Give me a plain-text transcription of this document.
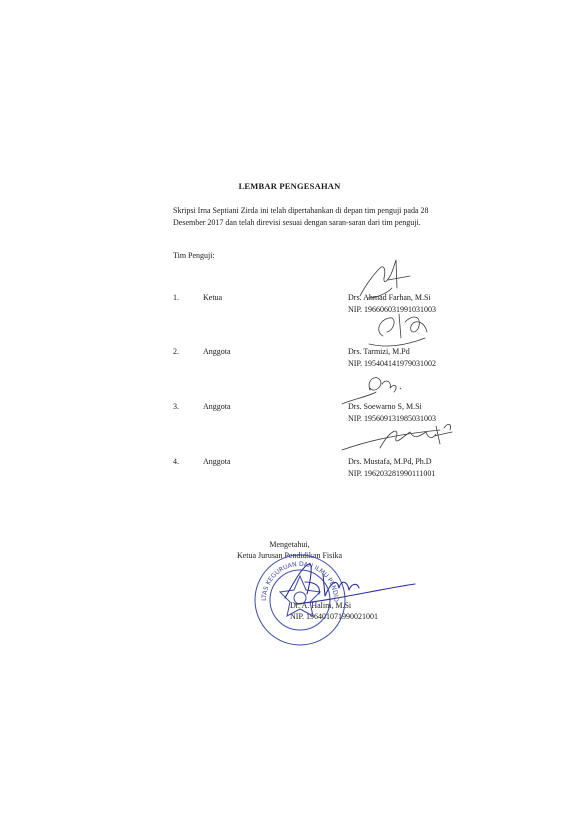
LEMBAR PENGESAHAN
Skripsi Irna Septiani Zirda ini telah dipertahankan di depan tim penguji pada 28
Desember 2017 dan telah direvisi sesuai dengan saran-saran dari tim penguji.
Tim Penguji:
1.	Ketua	Drs. Ahmad Farhan, M.Si
NIP. 196606031991031003
2.	Anggota	Drs. Tarmizi, M.Pd
NIP. 195404141979031002
3.	Anggota	Drs. Soewarno S, M.Si
NIP. 195609131985031003
4.	Anggota	Drs. Mustafa, M.Pd, Ph.D
NIP. 196203281990111001
Mengetahui,
Ketua Jurusan Pendidikan Fisika
Dr. A. Halim, M.Si
NIP. 196401071990021001
FAKULTAS KEGURUAN DAN ILMU PENDIDIKAN
